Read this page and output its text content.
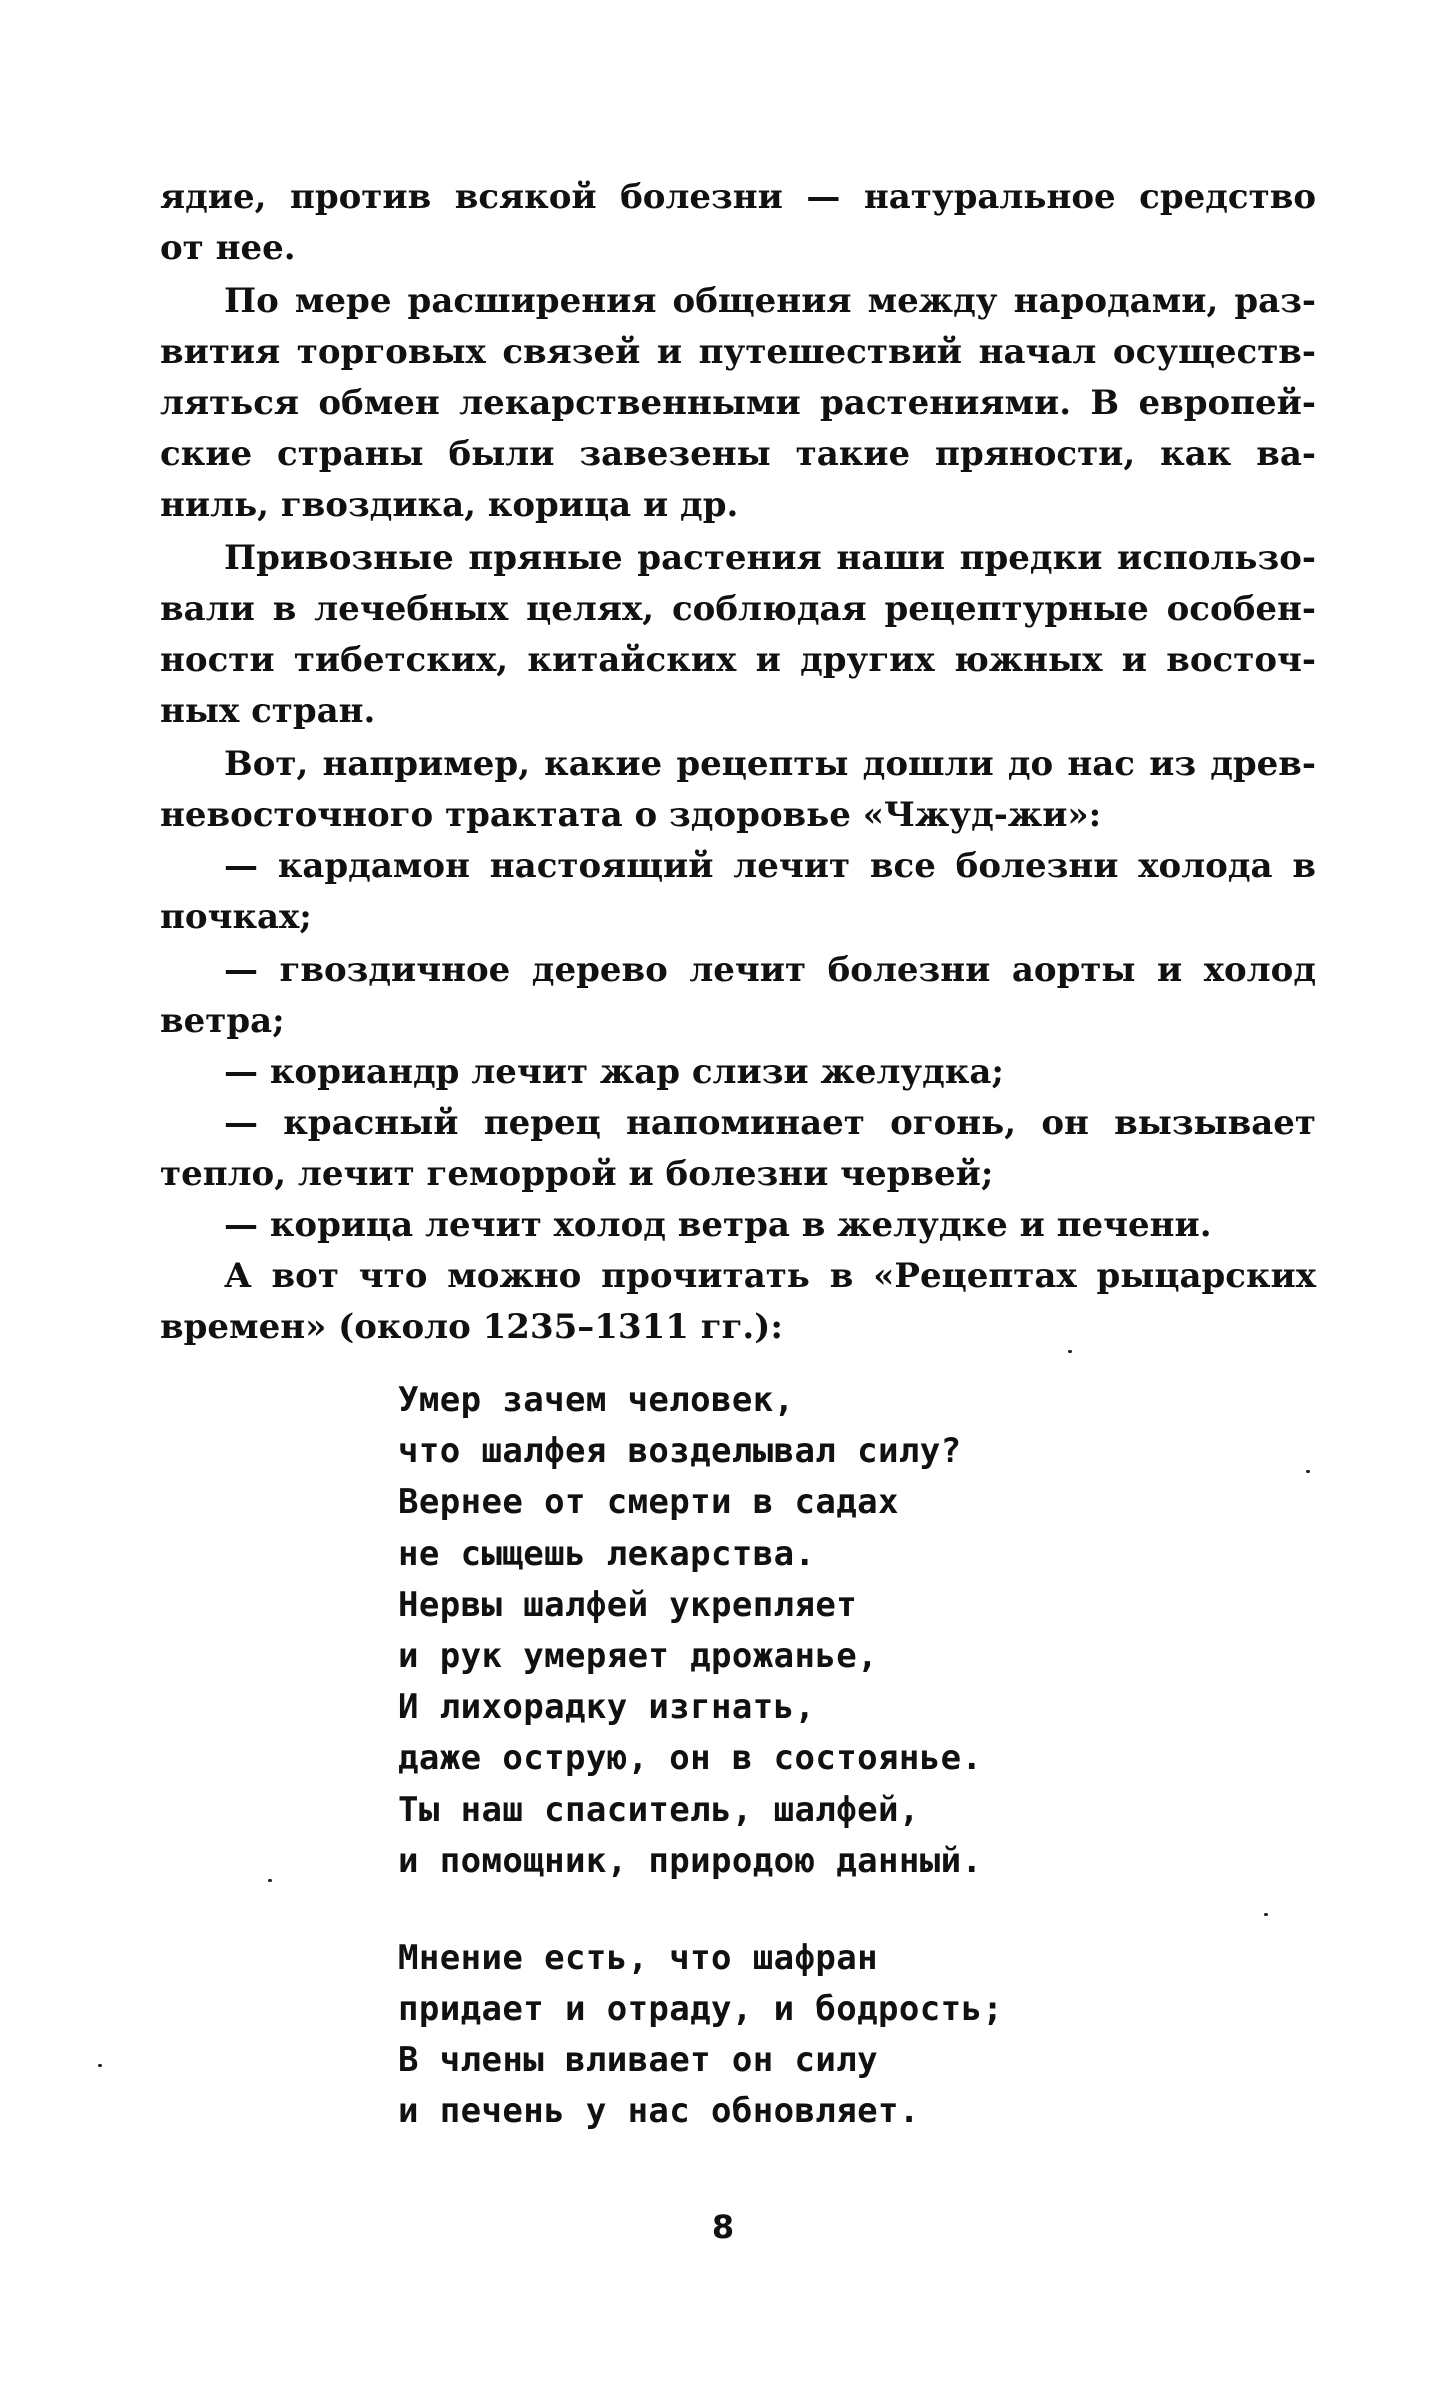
ядие, против всякой болезни — натуральное средство
от нее.
По мере расширения общения между народами, раз-
вития торговых связей и путешествий начал осуществ-
ляться обмен лекарственными растениями. В европей-
ские страны были завезены такие пряности, как ва-
ниль, гвоздика, корица и др.
Привозные пряные растения наши предки использо-
вали в лечебных целях, соблюдая рецептурные особен-
ности тибетских, китайских и других южных и восточ-
ных стран.
Вот, например, какие рецепты дошли до нас из древ-
невосточного трактата о здоровье «Чжуд-жи»:
— кардамон настоящий лечит все болезни холода в
почках;
— гвоздичное дерево лечит болезни аорты и холод
ветра;
— кориандр лечит жар слизи желудка;
— красный перец напоминает огонь, он вызывает
тепло, лечит геморрой и болезни червей;
— корица лечит холод ветра в желудке и печени.
А вот что можно прочитать в «Рецептах рыцарских
времен» (около 1235–1311 гг.):
Умер зачем человек,
что шалфея возделывал силу?
Вернее от смерти в садах
не сыщешь лекарства.
Нервы шалфей укрепляет
и рук умеряет дрожанье,
И лихорадку изгнать,
даже острую, он в состоянье.
Ты наш спаситель, шалфей,
и помощник, природою данный.
Мнение есть, что шафран
придает и отраду, и бодрость;
В члены вливает он силу
и печень у нас обновляет.
8
